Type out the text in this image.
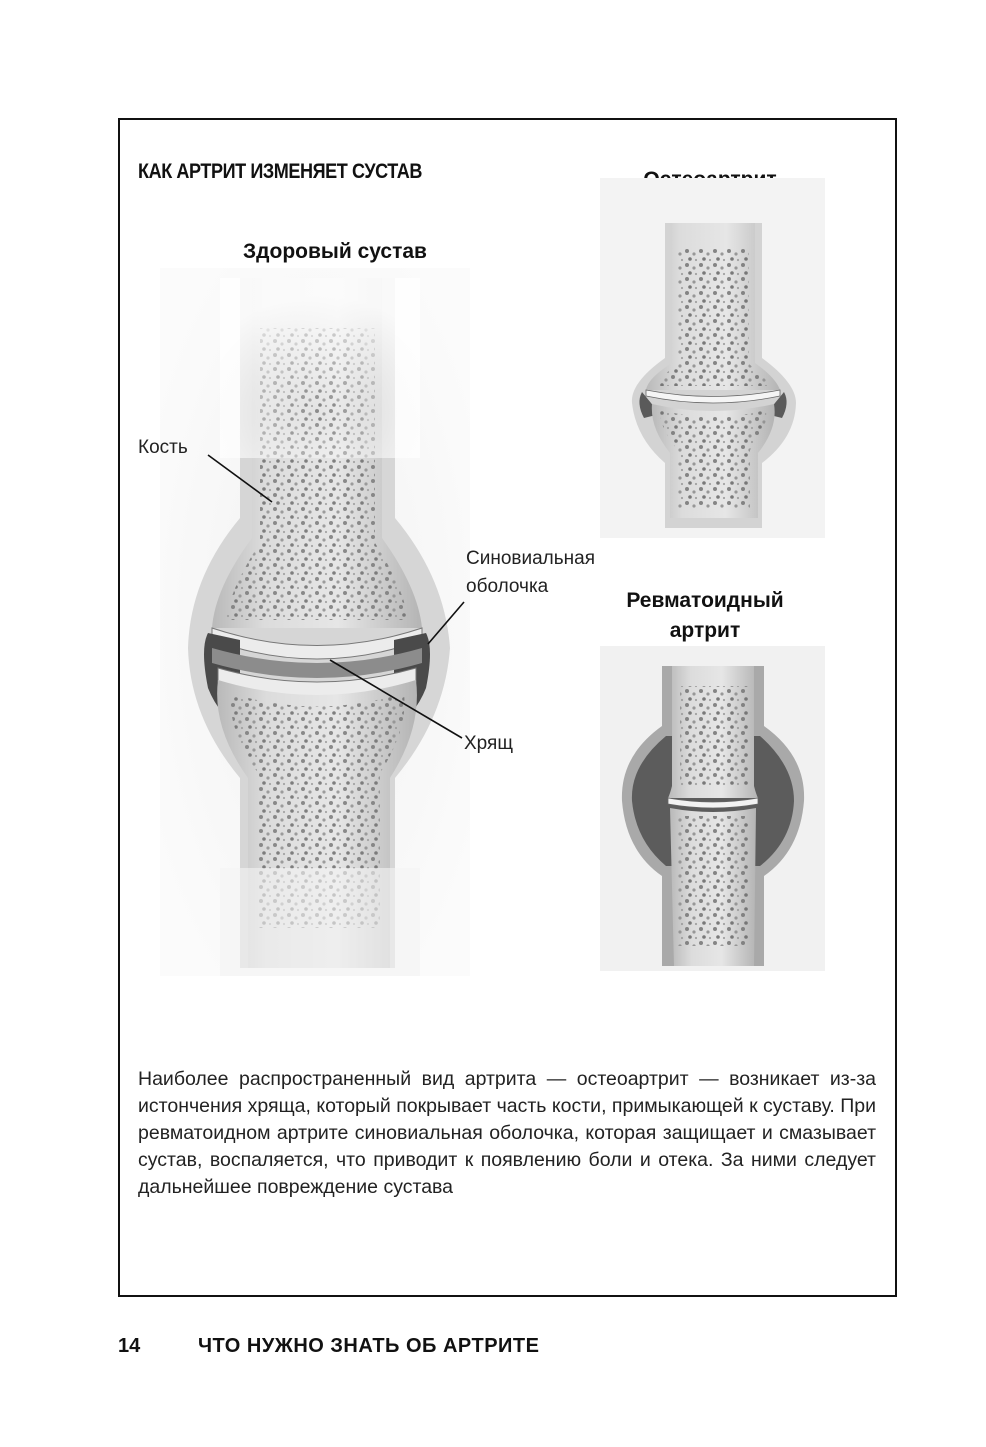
КАК АРТРИТ ИЗМЕНЯЕТ СУСТАВ
Здоровый сустав
Кость
Синовиальная оболочка
Хрящ
Ревматоидный артрит
Наиболее распространенный вид артрита — остеоартрит — возникает из-за истончения хряща, который покрывает часть кости, примыкающей к суставу. При ревматоидном артрите синовиальная оболочка, которая защищает и смазывает сустав, воспаляется, что приводит к появлению боли и отека. За ними следует дальнейшее повреждение сустава
14	ЧТО НУЖНО ЗНАТЬ ОБ АРТРИТЕ
